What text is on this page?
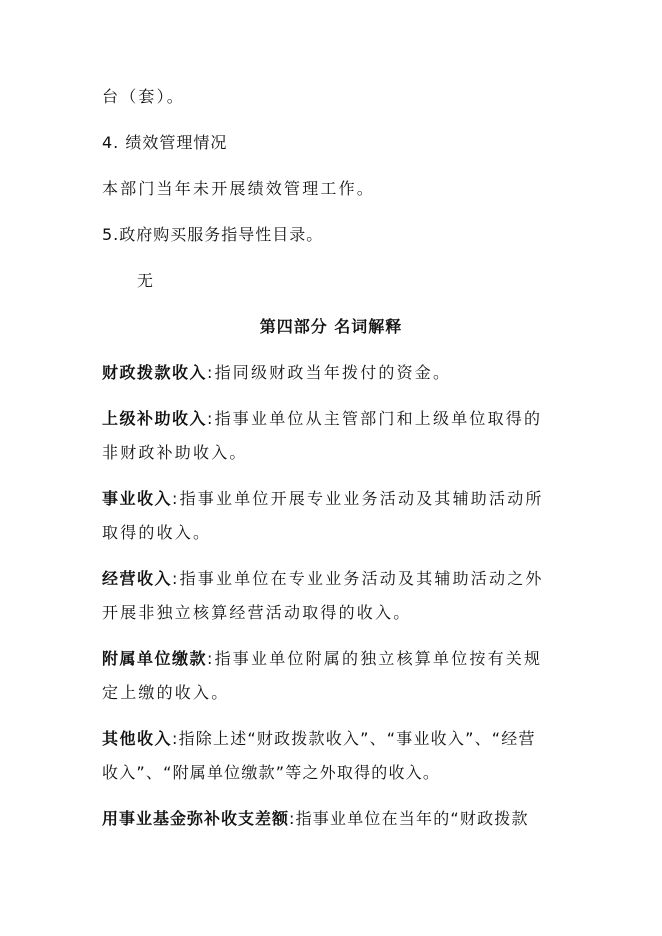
台（套）。
4. 绩效管理情况
本部门当年未开展绩效管理工作。
5.政府购买服务指导性目录。
无
第四部分 名词解释
财政拨款收入:指同级财政当年拨付的资金。
上级补助收入:指事业单位从主管部门和上级单位取得的
非财政补助收入。
事业收入:指事业单位开展专业业务活动及其辅助活动所
取得的收入。
经营收入:指事业单位在专业业务活动及其辅助活动之外
开展非独立核算经营活动取得的收入。
附属单位缴款:指事业单位附属的独立核算单位按有关规
定上缴的收入。
其他收入:指除上述“财政拨款收入”、“事业收入”、“经营
收入”、“附属单位缴款”等之外取得的收入。
用事业基金弥补收支差额:指事业单位在当年的“财政拨款
